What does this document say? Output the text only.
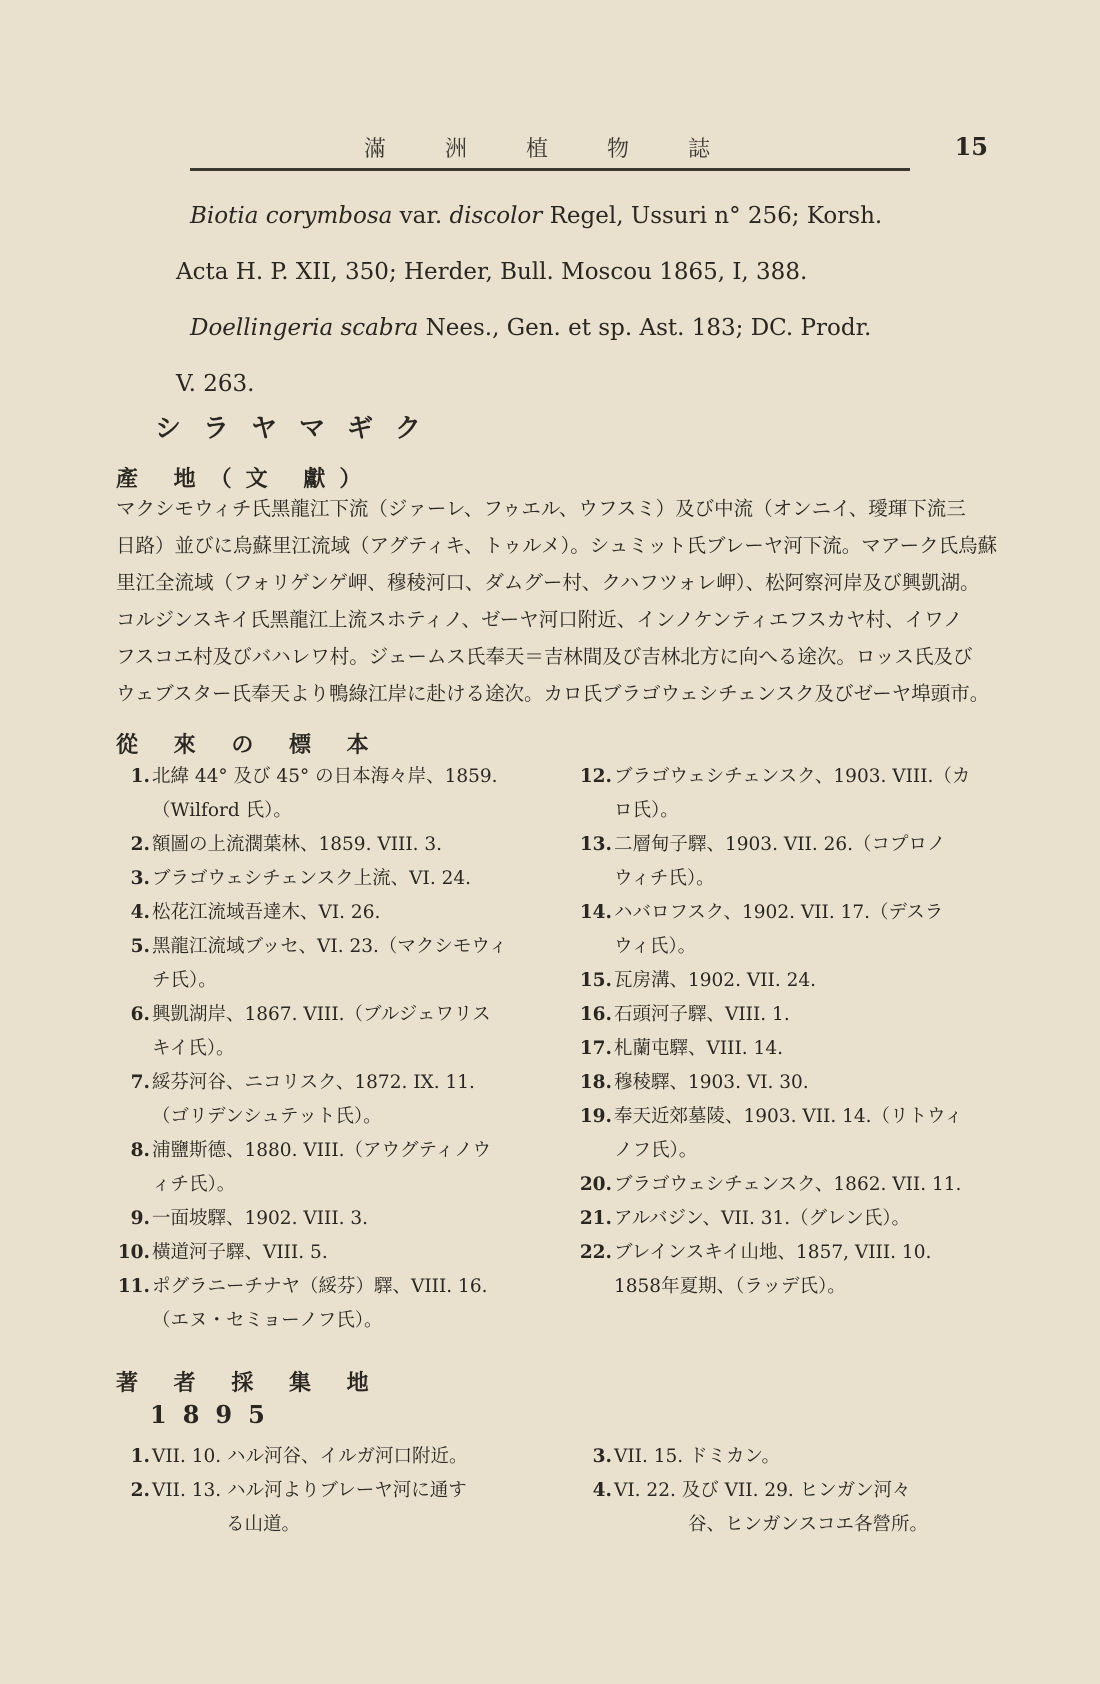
滿 洲 植 物 誌	15
Biotia corymbosa var. discolor Regel, Ussuri n° 256; Korsh.
Acta H. P. XII, 350; Herder, Bull. Moscou 1865, I, 388.
Doellingeria scabra Nees., Gen. et sp. Ast. 183; DC. Prodr.
V. 263.
シラヤマギク
產 地（文 獻）

マクシモウィチ氏黑龍江下流（ジァーレ、フゥエル、ウフスミ）及び中流（オンニイ、璦琿下流三

日路）並びに烏蘇里江流域（アグティキ、トゥルメ）。シュミット氏ブレーヤ河下流。マアーク氏烏蘇

里江全流域（フォリゲンゲ岬、穆稜河口、ダムグー村、クハフツォレ岬）、松阿察河岸及び興凱湖。

コルジンスキイ氏黑龍江上流スホティノ、ゼーヤ河口附近、インノケンティエフスカヤ村、イワノ

フスコエ村及びバハレワ村。ジェームス氏奉天＝吉林間及び吉林北方に向へる途次。ロッス氏及び

ウェブスター氏奉天より鴨綠江岸に赴ける途次。カロ氏ブラゴウェシチェンスク及びゼーヤ埠頭市。

從 來 の 標 本
1. 北緯 44° 及び 45° の日本海々岸、1859.
（Wilford 氏）。
2. 額圖の上流濶葉林、1859. VIII. 3.
3. ブラゴウェシチェンスク上流、VI. 24.
4. 松花江流域吾達木、VI. 26.
5. 黑龍江流域ブッセ、VI. 23.（マクシモウィ
チ氏）。
6. 興凱湖岸、1867. VIII.（ブルジェワリス
キイ氏）。
7. 綏芬河谷、ニコリスク、1872. IX. 11.
（ゴリデンシュテット氏）。
8. 浦鹽斯德、1880. VIII.（アウグティノウ
ィチ氏）。
9. 一面坡驛、1902. VIII. 3.
10. 橫道河子驛、VIII. 5.
11. ポグラニーチナヤ（綏芬）驛、VIII. 16.
（エヌ・セミョーノフ氏）。
12. ブラゴウェシチェンスク、1903. VIII.（カ
ロ氏）。
13. 二層甸子驛、1903. VII. 26.（コプロノ
ウィチ氏）。
14. ハバロフスク、1902. VII. 17.（デスラ
ウィ氏）。
15. 瓦房溝、1902. VII. 24.
16. 石頭河子驛、VIII. 1.
17. 札蘭屯驛、VIII. 14.
18. 穆稜驛、1903. VI. 30.
19. 奉天近郊墓陵、1903. VII. 14.（リトウィ
ノフ氏）。
20. ブラゴウェシチェンスク、1862. VII. 11.
21. アルバジン、VII. 31.（グレン氏）。
22. ブレインスキイ山地、1857, VIII. 10.
1858年夏期、（ラッデ氏）。
著 者 採 集 地
1895
1. VII. 10. ハル河谷、イルガ河口附近。
2. VII. 13. ハル河よりブレーヤ河に通す
　　　　る山道。
3. VII. 15. ドミカン。
4. VI. 22. 及び VII. 29. ヒンガン河々
　　　　谷、ヒンガンスコエ各營所。
